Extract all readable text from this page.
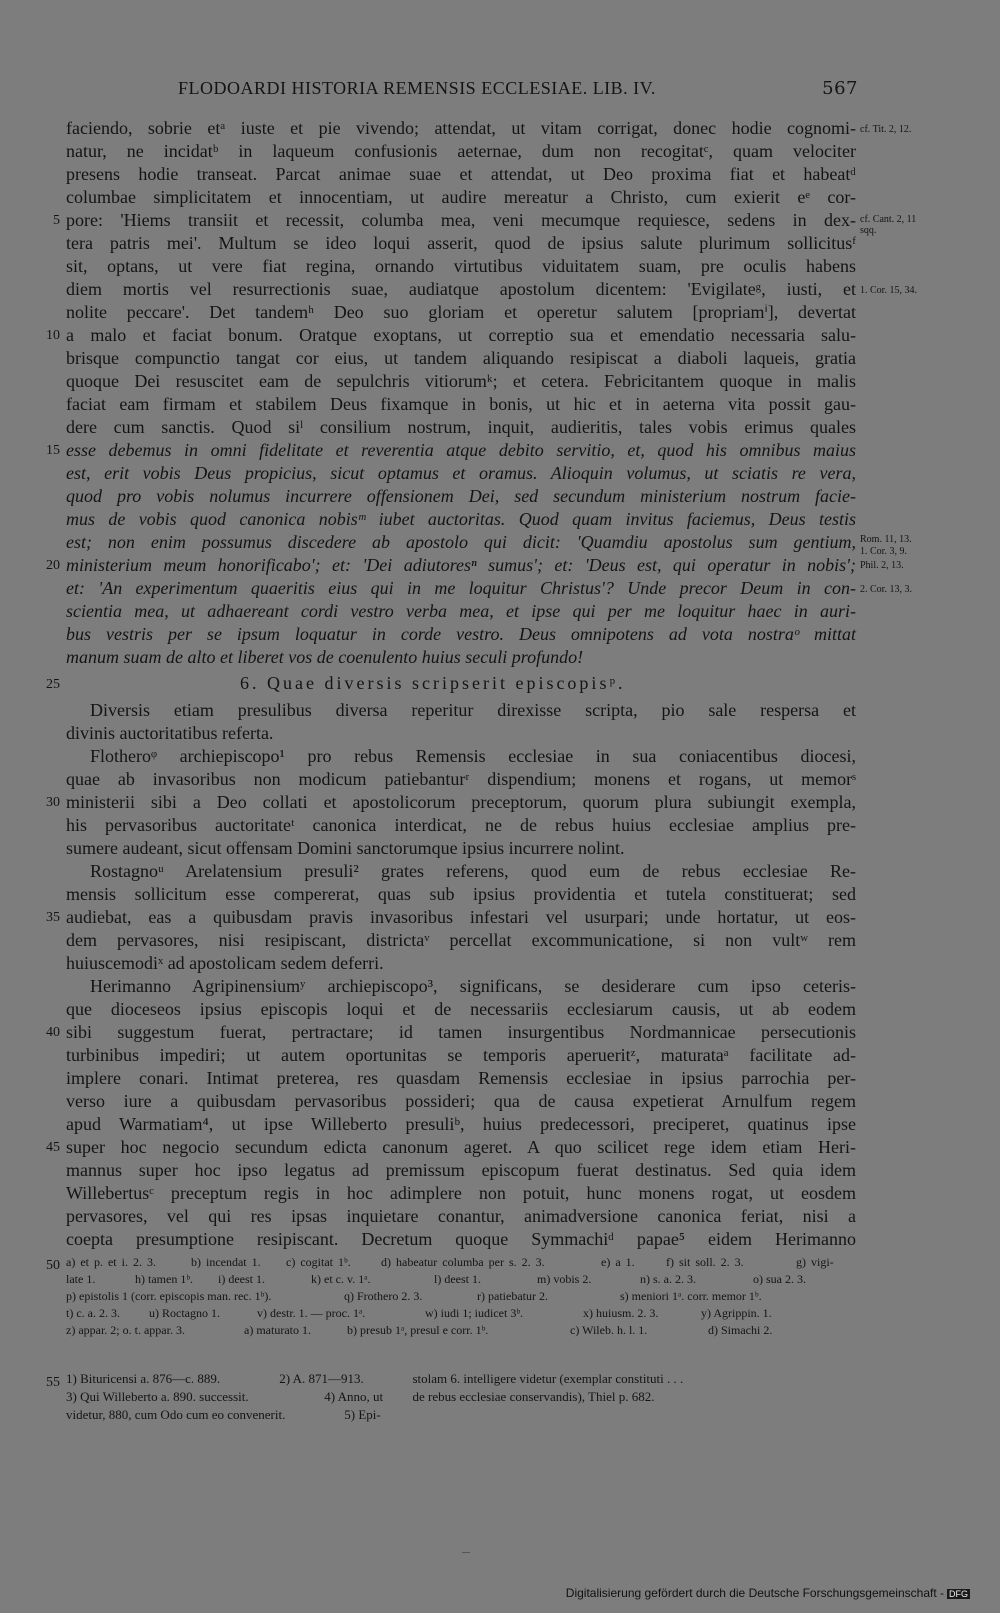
FLODOARDI HISTORIA REMENSIS ECCLESIAE. LIB. IV.	567
faciendo, sobrie etᵃ iuste et pie vivendo; attendat, ut vitam corrigat, donec hodie cognomi-
natur, ne incidatᵇ in laqueum confusionis aeternae, dum non recogitatᶜ, quam velociter
presens hodie transeat. Parcat animae suae et attendat, ut Deo proxima fiat et habeatᵈ
columbae simplicitatem et innocentiam, ut audire mereatur a Christo, cum exierit eᵉ cor-
pore: 'Hiems transiit et recessit, columba mea, veni mecumque requiesce, sedens in dex-
tera patris mei'. Multum se ideo loqui asserit, quod de ipsius salute plurimum sollicitusᶠ
sit, optans, ut vere fiat regina, ornando virtutibus viduitatem suam, pre oculis habens
diem mortis vel resurrectionis suae, audiatque apostolum dicentem: 'Evigilateᵍ, iusti, et
nolite peccare'. Det tandemʰ Deo suo gloriam et operetur salutem [propriamⁱ], devertat
a malo et faciat bonum. Oratque exoptans, ut correptio sua et emendatio necessaria salu-
brisque compunctio tangat cor eius, ut tandem aliquando resipiscat a diaboli laqueis, gratia
quoque Dei resuscitet eam de sepulchris vitiorumᵏ; et cetera. Febricitantem quoque in malis
faciat eam firmam et stabilem Deus fixamque in bonis, ut hic et in aeterna vita possit gau-
dere cum sanctis. Quod siˡ consilium nostrum, inquit, audieritis, tales vobis erimus quales
esse debemus in omni fidelitate et reverentia atque debito servitio, et, quod his omnibus maius
est, erit vobis Deus propicius, sicut optamus et oramus. Alioquin volumus, ut sciatis re vera,
quod pro vobis nolumus incurrere offensionem Dei, sed secundum ministerium nostrum facie-
mus de vobis quod canonica nobisᵐ iubet auctoritas. Quod quam invitus faciemus, Deus testis
est; non enim possumus discedere ab apostolo qui dicit: 'Quamdiu apostolus sum gentium,
ministerium meum honorificabo'; et: 'Dei adiutoresⁿ sumus'; et: 'Deus est, qui operatur in nobis';
et: 'An experimentum quaeritis eius qui in me loquitur Christus'? Unde precor Deum in con-
scientia mea, ut adhaereant cordi vestro verba mea, et ipse qui per me loquitur haec in auri-
bus vestris per se ipsum loquatur in corde vestro. Deus omnipotens ad vota nostraᵒ mittat
manum suam de alto et liberet vos de coenulento huius seculi profundo!
6. Quae diversis scripserit episcopisᵖ.
Diversis etiam presulibus diversa reperitur direxisse scripta, pio sale respersa et
divinis auctoritatibus referta.
Flotheroᵠ archiepiscopo¹ pro rebus Remensis ecclesiae in sua coniacentibus diocesi,
quae ab invasoribus non modicum patiebanturʳ dispendium; monens et rogans, ut memorˢ
ministerii sibi a Deo collati et apostolicorum preceptorum, quorum plura subiungit exempla,
his pervasoribus auctoritateᵗ canonica interdicat, ne de rebus huius ecclesiae amplius pre-
sumere audeant, sicut offensam Domini sanctorumque ipsius incurrere nolint.
Rostagnoᵘ Arelatensium presuli² grates referens, quod eum de rebus ecclesiae Re-
mensis sollicitum esse compererat, quas sub ipsius providentia et tutela constituerat; sed
audiebat, eas a quibusdam pravis invasoribus infestari vel usurpari; unde hortatur, ut eos-
dem pervasores, nisi resipiscant, districtaᵛ percellat excommunicatione, si non vultʷ rem
huiuscemodiˣ ad apostolicam sedem deferri.
Herimanno Agripinensiumʸ archiepiscopo³, significans, se desiderare cum ipso ceteris-
que dioceseos ipsius episcopis loqui et de necessariis ecclesiarum causis, ut ab eodem
sibi suggestum fuerat, pertractare; id tamen insurgentibus Nordmannicae persecutionis
turbinibus impediri; ut autem oportunitas se temporis aperueritᶻ, maturataᵃ facilitate ad-
implere conari. Intimat preterea, res quasdam Remensis ecclesiae in ipsius parrochia per-
verso iure a quibusdam pervasoribus possideri; qua de causa expetierat Arnulfum regem
apud Warmatiam⁴, ut ipse Willeberto presuliᵇ, huius predecessori, preciperet, quatinus ipse
super hoc negocio secundum edicta canonum ageret. A quo scilicet rege idem etiam Heri-
mannus super hoc ipso legatus ad premissum episcopum fuerat destinatus. Sed quia idem
Willebertusᶜ preceptum regis in hoc adimplere non potuit, hunc monens rogat, ut eosdem
pervasores, vel qui res ipsas inquietare conantur, animadversione canonica feriat, nisi a
coepta presumptione resipiscant. Decretum quoque Symmachiᵈ papae⁵ eidem Herimanno
5
10
15
20
25
30
35
40
45
50
55
cf. Tit. 2, 12.
cf. Cant. 2, 11 sqq.
1. Cor. 15, 34.
Rom. 11, 13.
1. Cor. 3, 9.
Phil. 2, 13.
2. Cor. 13, 3.
a) et p. et i. 2. 3.	b) incendat 1. c) cogitat 1ᵇ.	d) habeatur columba per s. 2. 3.	e) a 1.	f) sit soll. 2. 3.	g) vigi-
late 1.	h) tamen 1ᵇ. i) deest 1.	k) et c. v. 1ᵃ.	l) deest 1.	m) vobis 2.	n) s. a. 2. 3.	o) sua 2. 3.
p) epistolis 1 (corr. episcopis man. rec. 1ᵇ).	q) Frothero 2. 3.	r) patiebatur 2.	s) meniori 1ᵃ. corr. memor 1ᵇ.
t) c. a. 2. 3. u) Roctagno 1.	v) destr. 1. — proc. 1ᵃ.	w) iudi 1; iudicet 3ᵇ.	x) huiusm. 2. 3.	y) Agrippin. 1.
z) appar. 2; o. t. appar. 3.	a) maturato 1.	b) presub 1ᵃ, presul e corr. 1ᵇ.	c) Wileb. h. l. 1.	d) Simachi 2.
1) Bituricensi a. 876—c. 889.	2) A. 871—913.	stolam 6. intelligere videtur (exemplar constituti . . .
3) Qui Willeberto a. 890. successit.	4) Anno, ut de rebus ecclesiae conservandis), Thiel p. 682.
videtur, 880, cum Odo cum eo convenerit.	5) Epi-
Digitalisierung gefördert durch die Deutsche Forschungsgemeinschaft - DFG
